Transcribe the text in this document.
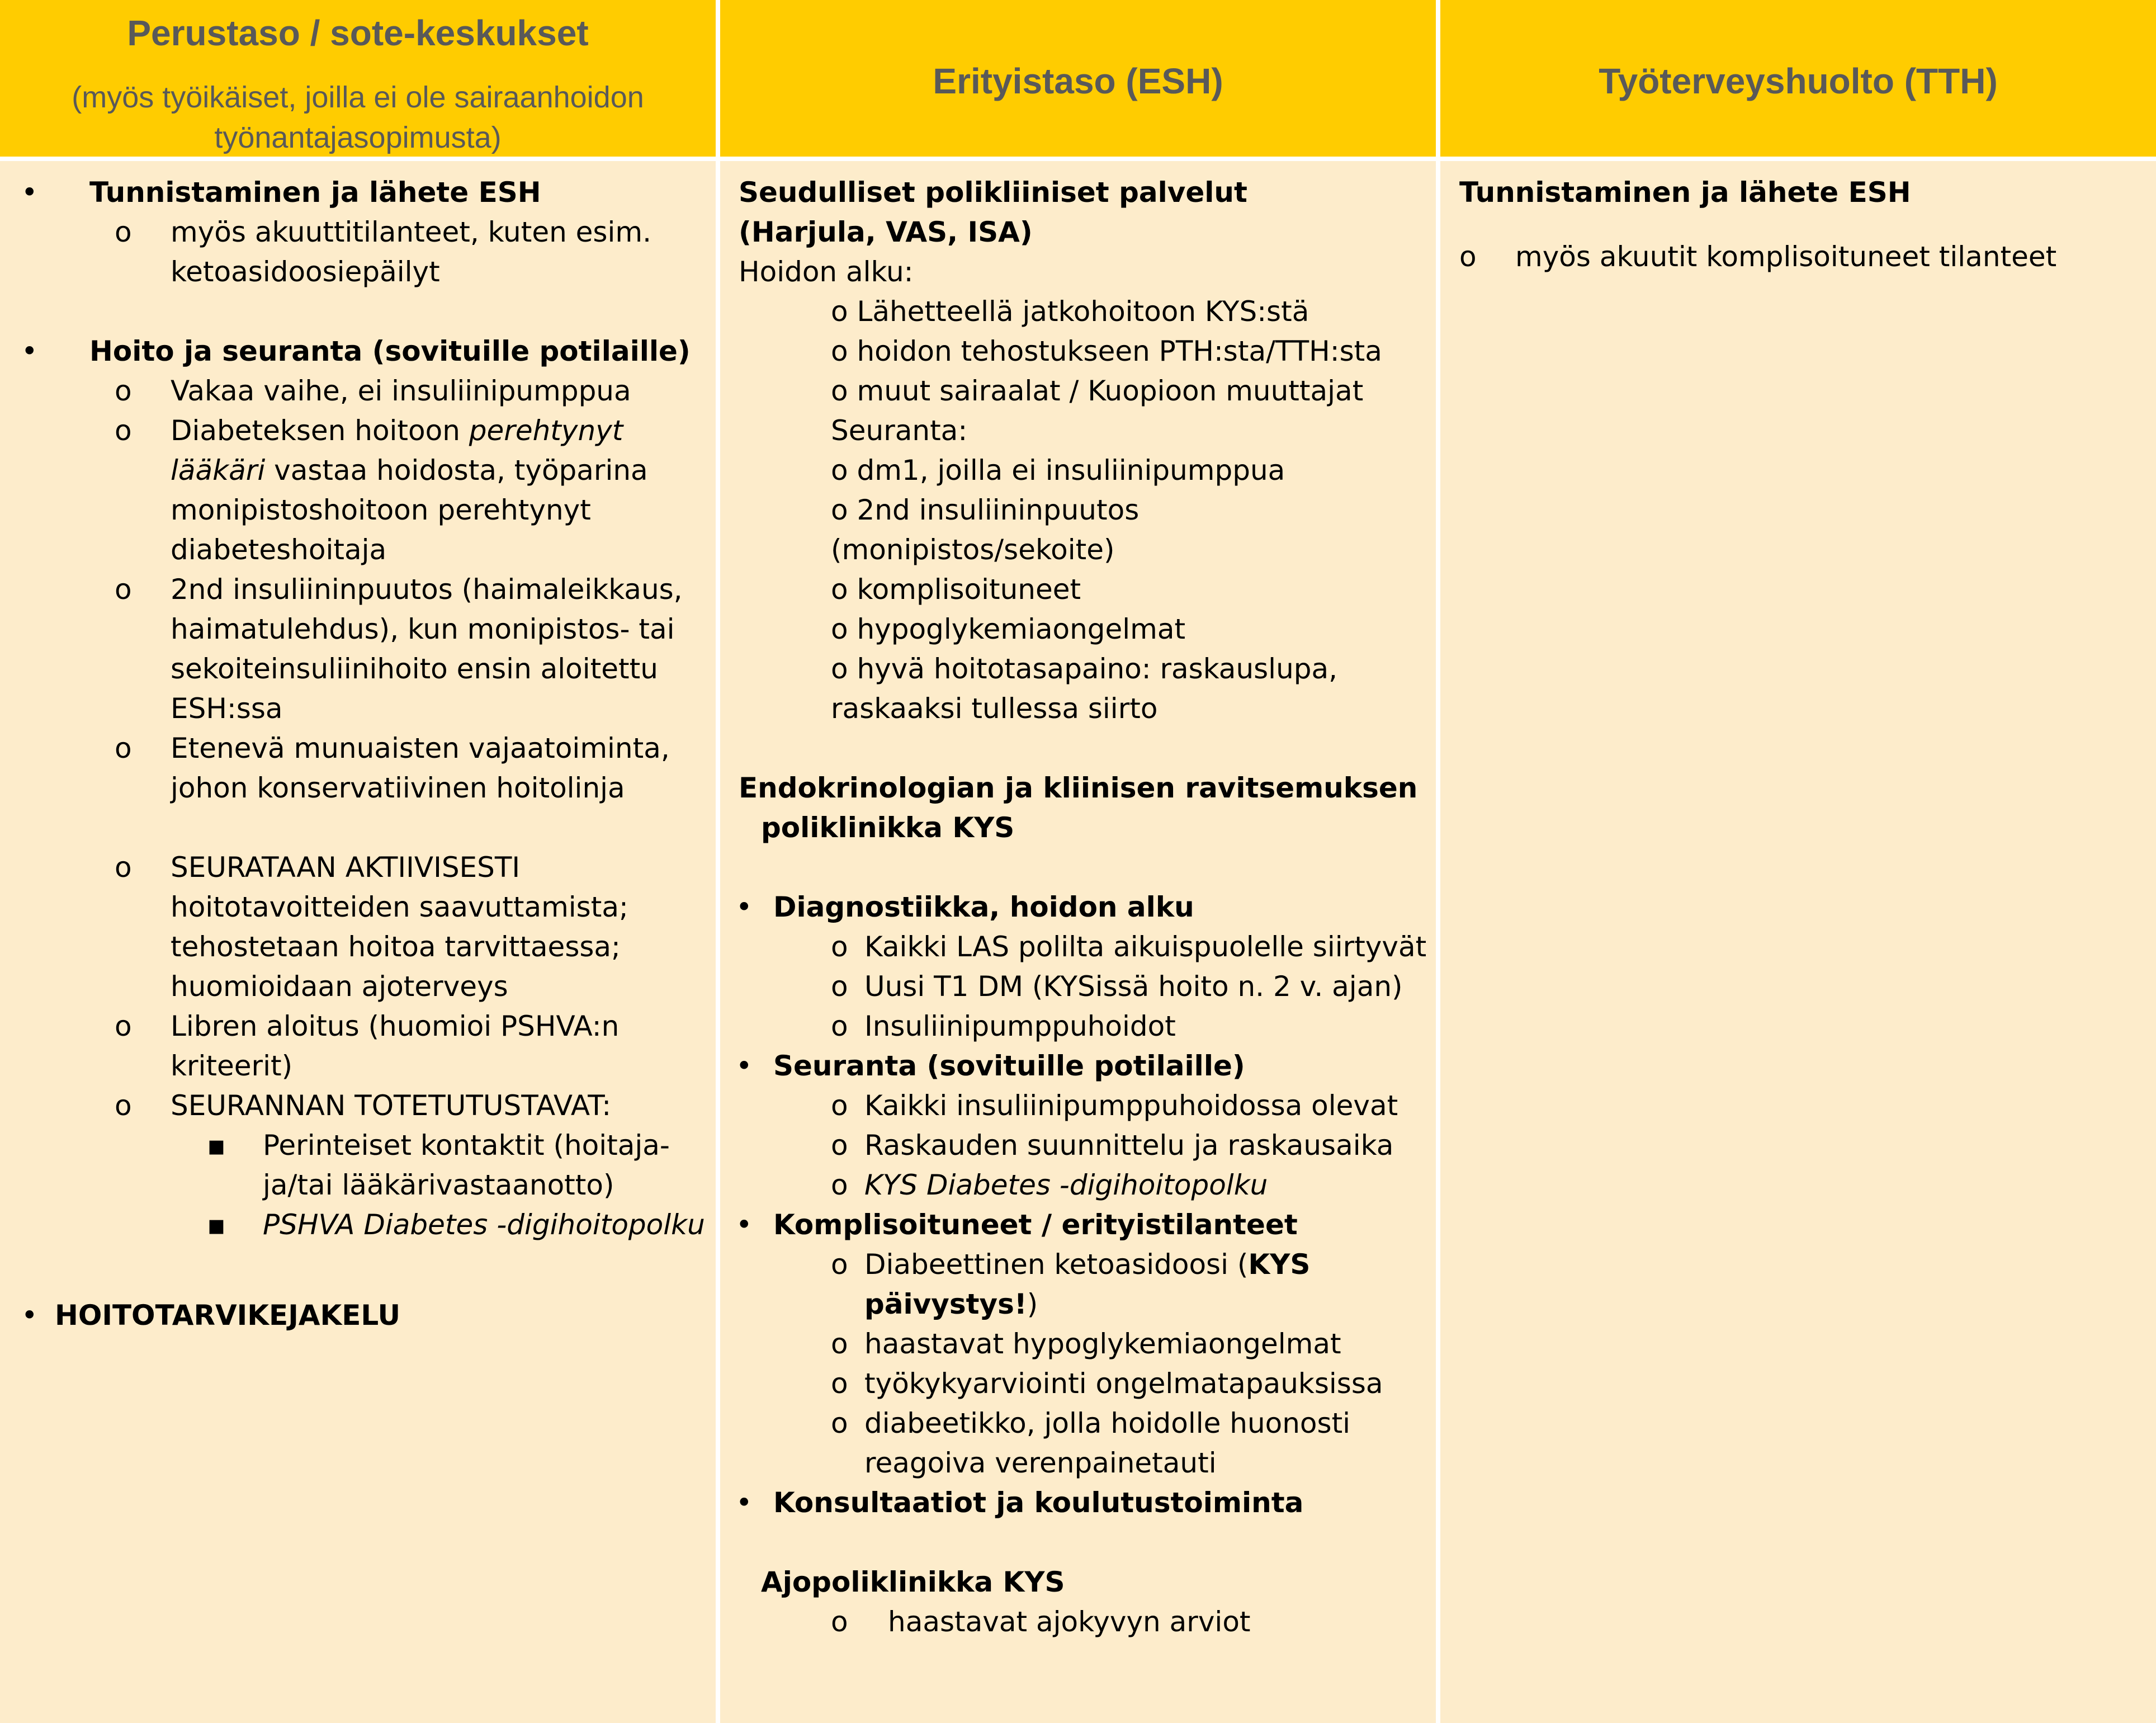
Perustaso / sote-keskukset
(myös työikäiset, joilla ei ole sairaanhoidon
työnantajasopimusta)
•
Tunnistaminen ja lähete ESH
o
myös akuuttitilanteet, kuten esim.
ketoasidoosiepäilyt
•
Hoito ja seuranta (sovituille potilaille)
o
Vakaa vaihe, ei insuliinipumppua
o
Diabeteksen hoitoon perehtynyt
lääkäri vastaa hoidosta, työparina
monipistoshoitoon perehtynyt
diabeteshoitaja
o
2nd insuliininpuutos (haimaleikkaus,
haimatulehdus), kun monipistos- tai
sekoiteinsuliinihoito ensin aloitettu
ESH:ssa
o
Etenevä munuaisten vajaatoiminta,
johon konservatiivinen hoitolinja
o
SEURATAAN AKTIIVISESTI
hoitotavoitteiden saavuttamista;
tehostetaan hoitoa tarvittaessa;
huomioidaan ajoterveys
o
Libren aloitus (huomioi PSHVA:n
kriteerit)
o
SEURANNAN TOTETUTUSTAVAT:
▪
Perinteiset kontaktit (hoitaja-
ja/tai lääkärivastaanotto)
▪
PSHVA Diabetes -digihoitopolku
•
HOITOTARVIKEJAKELU
Erityistaso (ESH)
Seudulliset polikliiniset palvelut
(Harjula, VAS, ISA)
Hoidon alku:
o Lähetteellä jatkohoitoon KYS:stä
o hoidon tehostukseen PTH:sta/TTH:sta
o muut sairaalat / Kuopioon muuttajat
Seuranta:
o dm1, joilla ei insuliinipumppua
o 2nd insuliininpuutos
(monipistos/sekoite)
o komplisoituneet
o hypoglykemiaongelmat
o hyvä hoitotasapaino: raskauslupa,
raskaaksi tullessa siirto
Endokrinologian ja kliinisen ravitsemuksen
poliklinikka KYS
•
Diagnostiikka, hoidon alku
o
Kaikki LAS polilta aikuispuolelle siirtyvät
o
Uusi T1 DM (KYSissä hoito n. 2 v. ajan)
o
Insuliinipumppuhoidot
•
Seuranta (sovituille potilaille)
o
Kaikki insuliinipumppuhoidossa olevat
o
Raskauden suunnittelu ja raskausaika
o
KYS Diabetes -digihoitopolku
•
Komplisoituneet / erityistilanteet
o
Diabeettinen ketoasidoosi (KYS
päivystys!)
o
haastavat hypoglykemiaongelmat
o
työkykyarviointi ongelmatapauksissa
o
diabeetikko, jolla hoidolle huonosti
reagoiva verenpainetauti
•
Konsultaatiot ja koulutustoiminta
Ajopoliklinikka KYS
o
haastavat ajokyvyn arviot
Työterveyshuolto (TTH)
Tunnistaminen ja lähete ESH
o
myös akuutit komplisoituneet tilanteet
